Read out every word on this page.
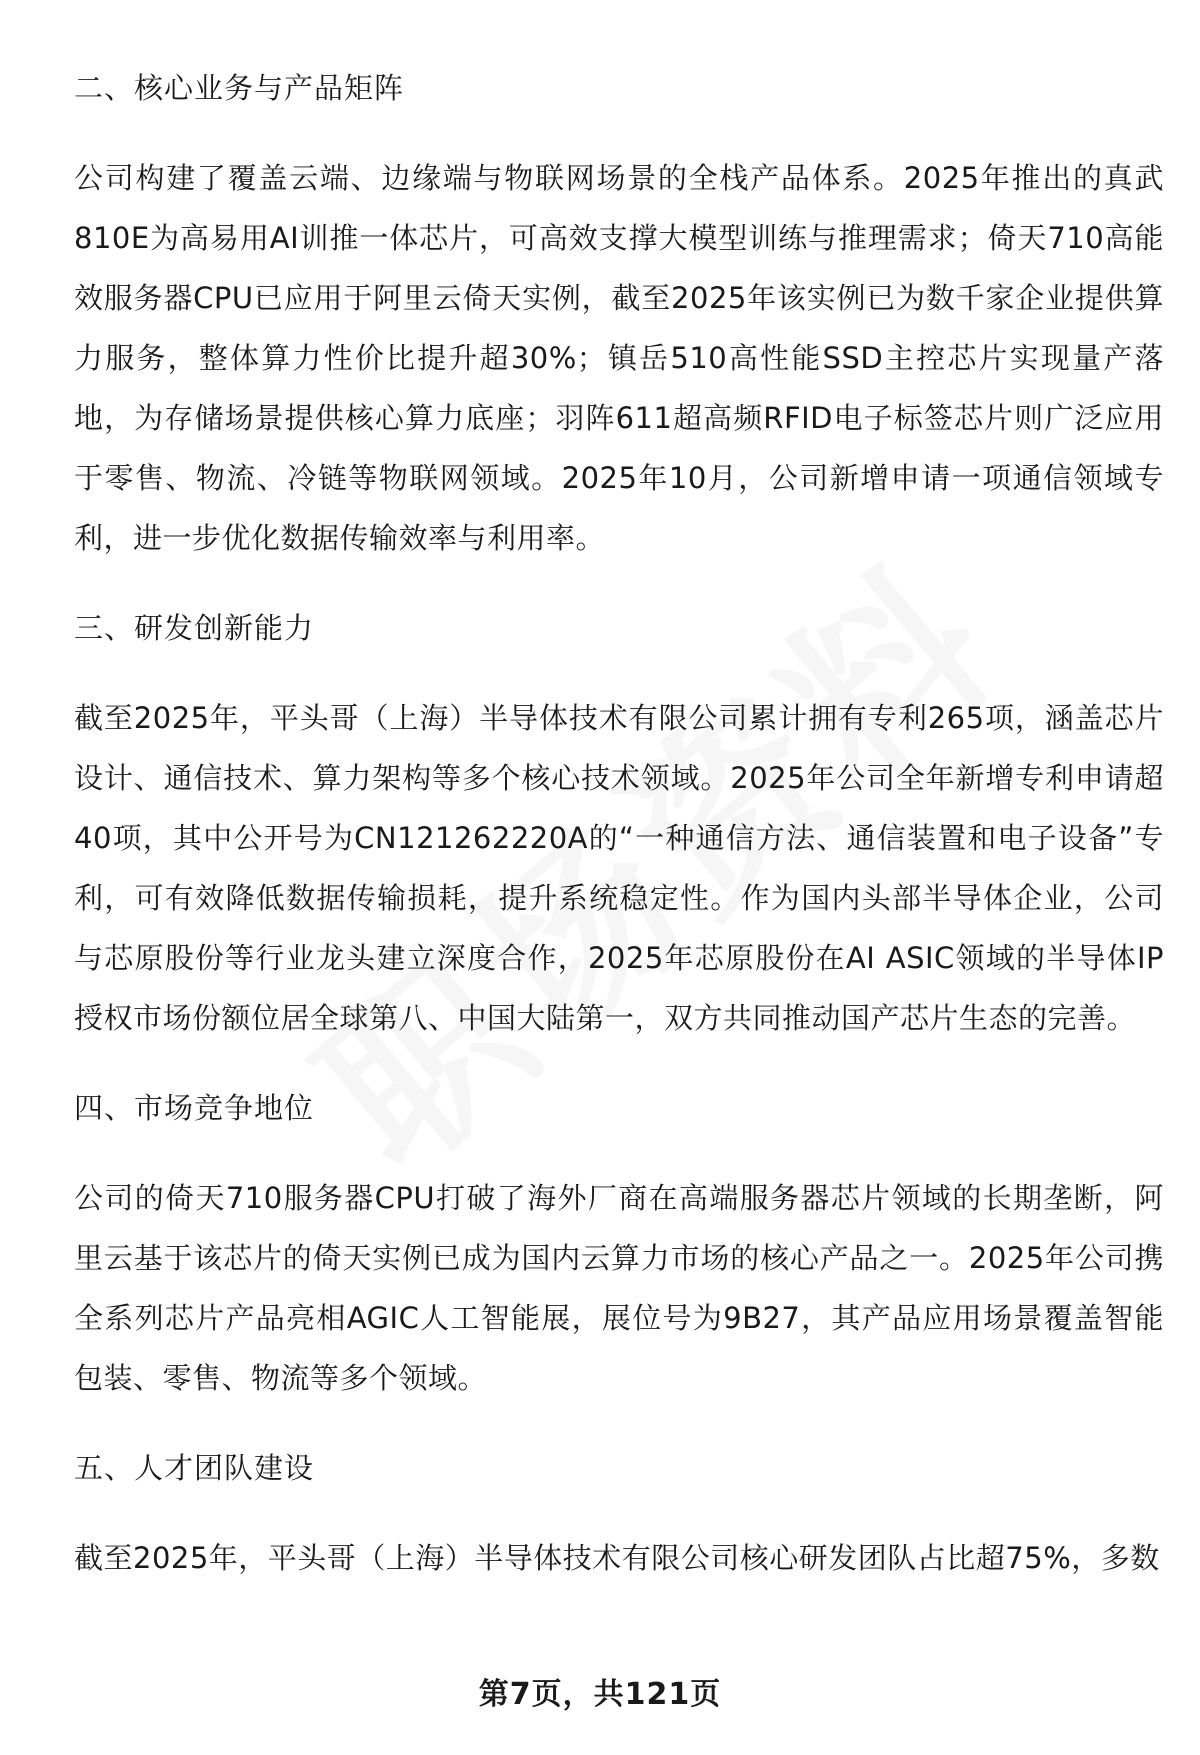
二、核心业务与产品矩阵
公司构建了覆盖云端、边缘端与物联网场景的全栈产品体系。2025年推出的真武810E为高易用AI训推一体芯片，可高效支撑大模型训练与推理需求；倚天710高能效服务器CPU已应用于阿里云倚天实例，截至2025年该实例已为数千家企业提供算力服务，整体算力性价比提升超30%；镇岳510高性能SSD主控芯片实现量产落地，为存储场景提供核心算力底座；羽阵611超高频RFID电子标签芯片则广泛应用于零售、物流、冷链等物联网领域。2025年10月，公司新增申请一项通信领域专利，进一步优化数据传输效率与利用率。
三、研发创新能力
截至2025年，平头哥（上海）半导体技术有限公司累计拥有专利265项，涵盖芯片设计、通信技术、算力架构等多个核心技术领域。2025年公司全年新增专利申请超40项，其中公开号为CN121262220A的“一种通信方法、通信装置和电子设备”专利，可有效降低数据传输损耗，提升系统稳定性。作为国内头部半导体企业，公司与芯原股份等行业龙头建立深度合作，2025年芯原股份在AI ASIC领域的半导体IP授权市场份额位居全球第八、中国大陆第一，双方共同推动国产芯片生态的完善。
四、市场竞争地位
公司的倚天710服务器CPU打破了海外厂商在高端服务器芯片领域的长期垄断，阿里云基于该芯片的倚天实例已成为国内云算力市场的核心产品之一。2025年公司携全系列芯片产品亮相AGIC人工智能展，展位号为9B27，其产品应用场景覆盖智能包装、零售、物流等多个领域。
五、人才团队建设
截至2025年，平头哥（上海）半导体技术有限公司核心研发团队占比超75%，多数
第7页，共121页
